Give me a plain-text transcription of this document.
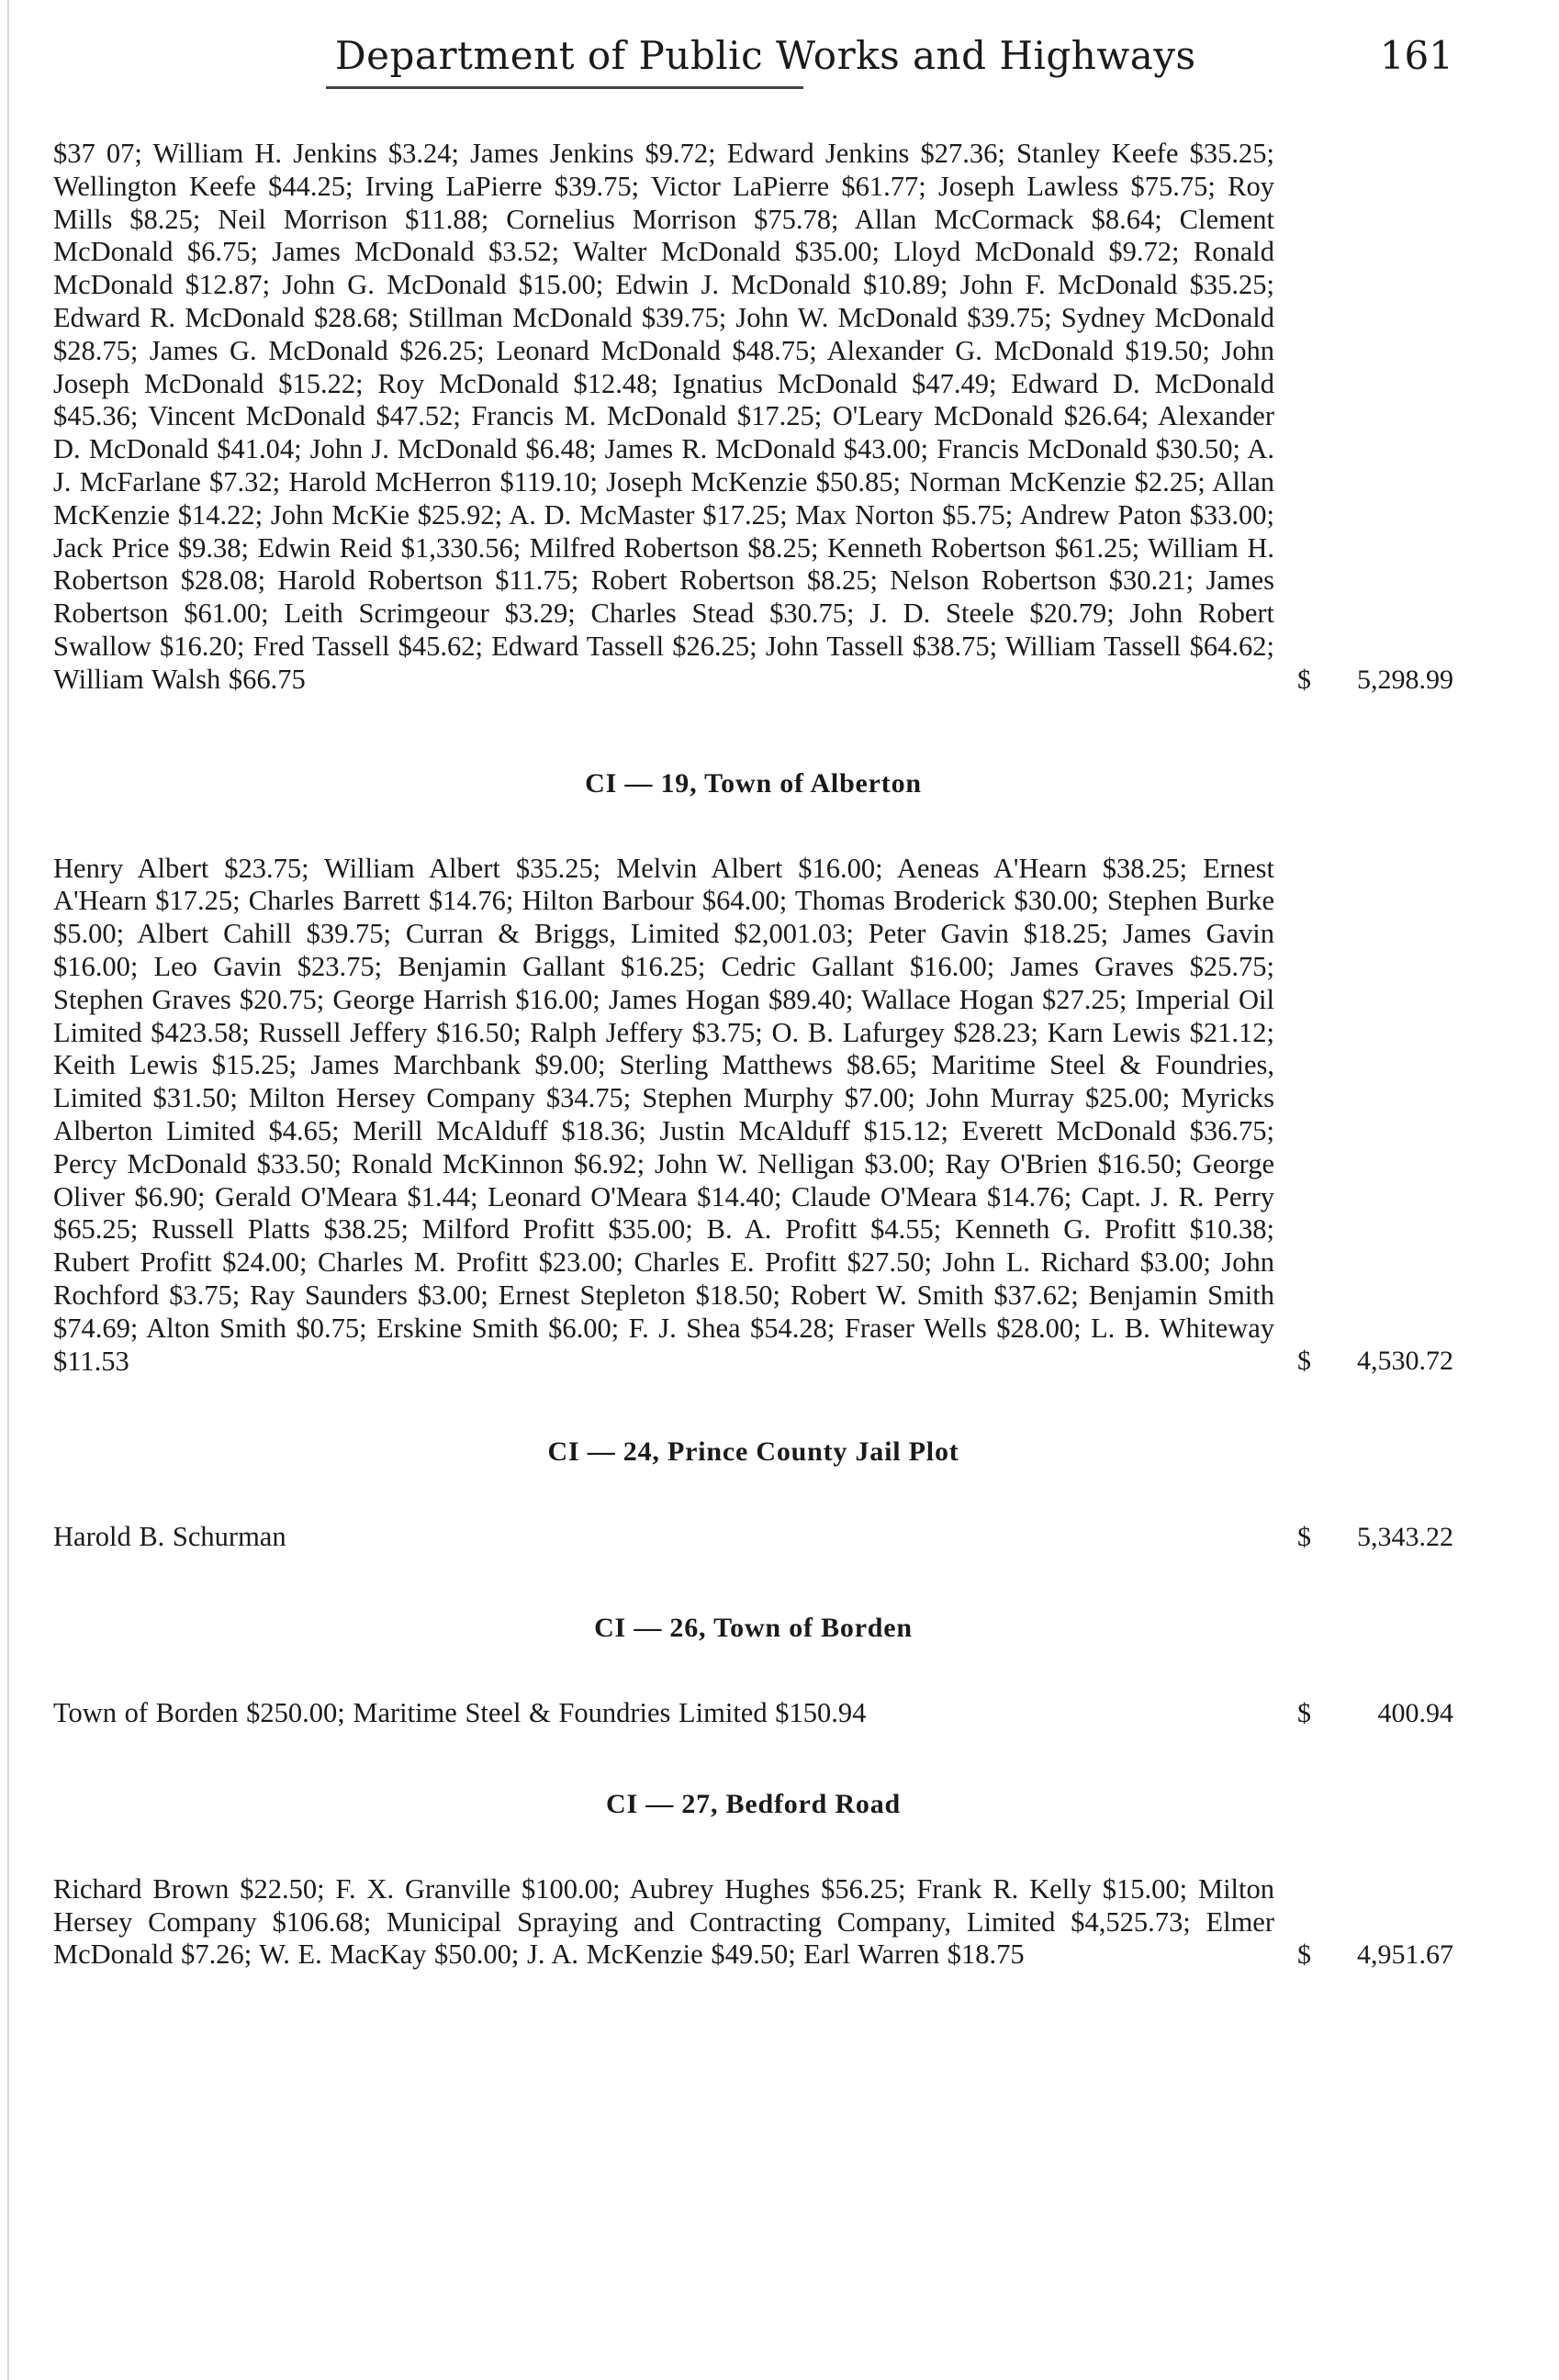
Department of Public Works and Highways	161
$37 07; William H. Jenkins $3.24; James Jenkins $9.72; Edward Jenkins $27.36; Stanley Keefe $35.25; Wellington Keefe $44.25; Irving LaPierre $39.75; Victor LaPierre $61.77; Joseph Lawless $75.75; Roy Mills $8.25; Neil Morrison $11.88; Cornelius Morrison $75.78; Allan McCormack $8.64; Clement McDonald $6.75; James McDonald $3.52; Walter McDonald $35.00; Lloyd McDonald $9.72; Ronald McDonald $12.87; John G. McDonald $15.00; Edwin J. McDonald $10.89; John F. McDonald $35.25; Edward R. McDonald $28.68; Stillman McDonald $39.75; John W. McDonald $39.75; Sydney McDonald $28.75; James G. McDonald $26.25; Leonard McDonald $48.75; Alexander G. McDonald $19.50; John Joseph McDonald $15.22; Roy McDonald $12.48; Ignatius McDonald $47.49; Edward D. McDonald $45.36; Vincent McDonald $47.52; Francis M. McDonald $17.25; O'Leary McDonald $26.64; Alexander D. McDonald $41.04; John J. McDonald $6.48; James R. McDonald $43.00; Francis McDonald $30.50; A. J. McFarlane $7.32; Harold McHerron $119.10; Joseph McKenzie $50.85; Norman McKenzie $2.25; Allan McKenzie $14.22; John McKie $25.92; A. D. McMaster $17.25; Max Norton $5.75; Andrew Paton $33.00; Jack Price $9.38; Edwin Reid $1,330.56; Milfred Robertson $8.25; Kenneth Robertson $61.25; William H. Robertson $28.08; Harold Robertson $11.75; Robert Robertson $8.25; Nelson Robertson $30.21; James Robertson $61.00; Leith Scrimgeour $3.29; Charles Stead $30.75; J. D. Steele $20.79; John Robert Swallow $16.20; Fred Tassell $45.62; Edward Tassell $26.25; John Tassell $38.75; William Tassell $64.62; William Walsh $66.75	$ 5,298.99
CI — 19, Town of Alberton
Henry Albert $23.75; William Albert $35.25; Melvin Albert $16.00; Aeneas A'Hearn $38.25; Ernest A'Hearn $17.25; Charles Barrett $14.76; Hilton Barbour $64.00; Thomas Broderick $30.00; Stephen Burke $5.00; Albert Cahill $39.75; Curran & Briggs, Limited $2,001.03; Peter Gavin $18.25; James Gavin $16.00; Leo Gavin $23.75; Benjamin Gallant $16.25; Cedric Gallant $16.00; James Graves $25.75; Stephen Graves $20.75; George Harrish $16.00; James Hogan $89.40; Wallace Hogan $27.25; Imperial Oil Limited $423.58; Russell Jeffery $16.50; Ralph Jeffery $3.75; O. B. Lafurgey $28.23; Karn Lewis $21.12; Keith Lewis $15.25; James Marchbank $9.00; Sterling Matthews $8.65; Maritime Steel & Foundries, Limited $31.50; Milton Hersey Company $34.75; Stephen Murphy $7.00; John Murray $25.00; Myricks Alberton Limited $4.65; Merill McAlduff $18.36; Justin McAlduff $15.12; Everett McDonald $36.75; Percy McDonald $33.50; Ronald McKinnon $6.92; John W. Nelligan $3.00; Ray O'Brien $16.50; George Oliver $6.90; Gerald O'Meara $1.44; Leonard O'Meara $14.40; Claude O'Meara $14.76; Capt. J. R. Perry $65.25; Russell Platts $38.25; Milford Profitt $35.00; B. A. Profitt $4.55; Kenneth G. Profitt $10.38; Rubert Profitt $24.00; Charles M. Profitt $23.00; Charles E. Profitt $27.50; John L. Richard $3.00; John Rochford $3.75; Ray Saunders $3.00; Ernest Stepleton $18.50; Robert W. Smith $37.62; Benjamin Smith $74.69; Alton Smith $0.75; Erskine Smith $6.00; F. J. Shea $54.28; Fraser Wells $28.00; L. B. Whiteway $11.53	$ 4,530.72
CI — 24, Prince County Jail Plot
Harold B. Schurman	$ 5,343.22
CI — 26, Town of Borden
Town of Borden $250.00; Maritime Steel & Foundries Limited $150.94	$ 400.94
CI — 27, Bedford Road
Richard Brown $22.50; F. X. Granville $100.00; Aubrey Hughes $56.25; Frank R. Kelly $15.00; Milton Hersey Company $106.68; Municipal Spraying and Contracting Company, Limited $4,525.73; Elmer McDonald $7.26; W. E. MacKay $50.00; J. A. McKenzie $49.50; Earl Warren $18.75	$ 4,951.67
